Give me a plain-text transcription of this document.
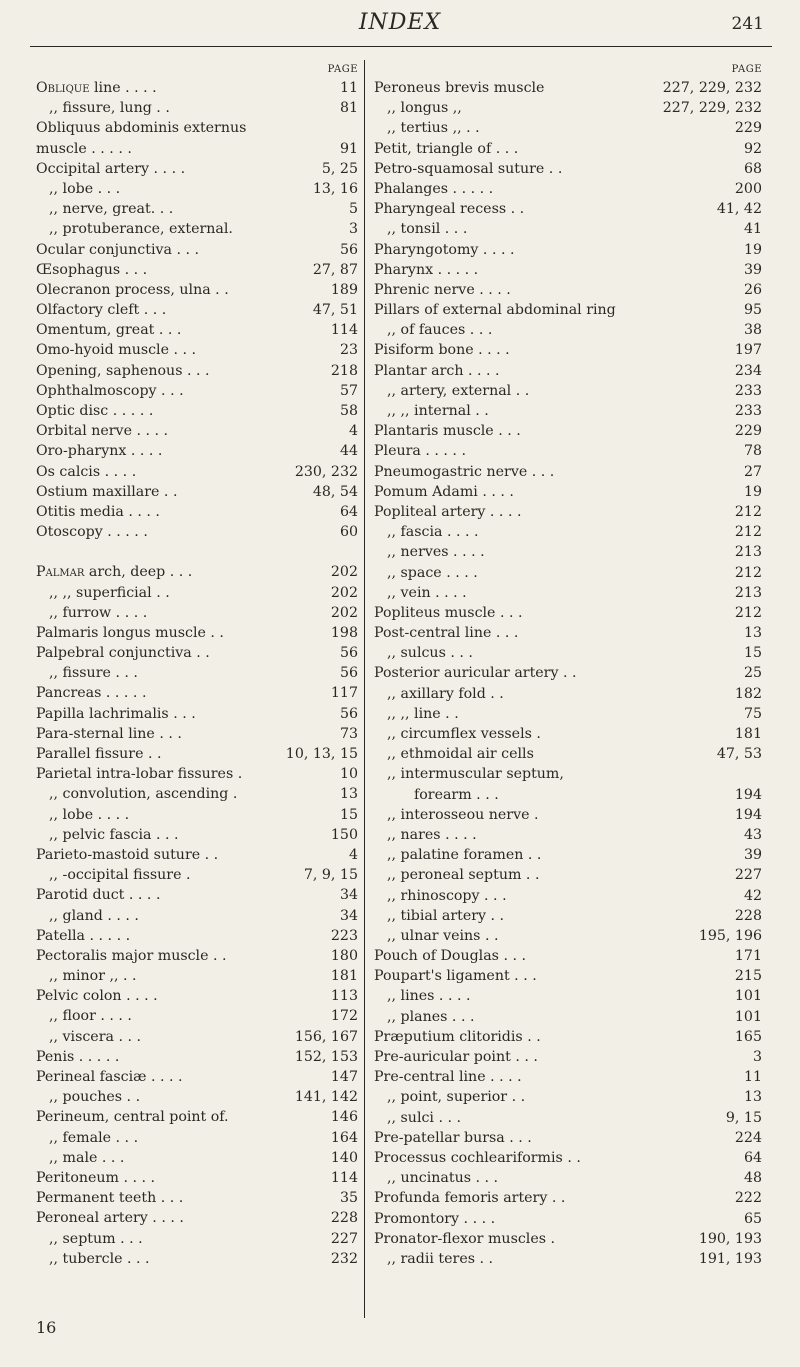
INDEX	241
PAGE
Oblique line . . . .	11
,, fissure, lung . .	81
Obliquus abdominis externus
muscle . . . . .	91
Occipital artery . . . .	5, 25
,, lobe . . .	13, 16
,, nerve, great. . .	5
,, protuberance, external.	3
Ocular conjunctiva . . .	56
Œsophagus . . .	27, 87
Olecranon process, ulna . .	189
Olfactory cleft . . .	47, 51
Omentum, great . . .	114
Omo-hyoid muscle . . .	23
Opening, saphenous . . .	218
Ophthalmoscopy . . .	57
Optic disc . . . . .	58
Orbital nerve . . . .	4
Oro-pharynx . . . .	44
Os calcis . . . .	230, 232
Ostium maxillare . .	48, 54
Otitis media . . . .	64
Otoscopy . . . . .	60
Palmar arch, deep . . .	202
,, ,, superficial . .	202
,, furrow . . . .	202
Palmaris longus muscle . .	198
Palpebral conjunctiva . .	56
,, fissure . . .	56
Pancreas . . . . .	117
Papilla lachrimalis . . .	56
Para-sternal line . . .	73
Parallel fissure . .	10, 13, 15
Parietal intra-lobar fissures .	10
,, convolution, ascending .	13
,, lobe . . . .	15
,, pelvic fascia . . .	150
Parieto-mastoid suture . .	4
,, -occipital fissure .	7, 9, 15
Parotid duct . . . .	34
,, gland . . . .	34
Patella . . . . .	223
Pectoralis major muscle . .	180
,, minor ,, . .	181
Pelvic colon . . . .	113
,, floor . . . .	172
,, viscera . . .	156, 167
Penis . . . . .	152, 153
Perineal fasciæ . . . .	147
,, pouches . .	141, 142
Perineum, central point of.	146
,, female . . .	164
,, male . . .	140
Peritoneum . . . .	114
Permanent teeth . . .	35
Peroneal artery . . . .	228
,, septum . . .	227
,, tubercle . . .	232
PAGE
Peroneus brevis muscle	227, 229, 232
,, longus ,,	227, 229, 232
,, tertius ,, . .	229
Petit, triangle of . . .	92
Petro-squamosal suture . .	68
Phalanges . . . . .	200
Pharyngeal recess . .	41, 42
,, tonsil . . .	41
Pharyngotomy . . . .	19
Pharynx . . . . .	39
Phrenic nerve . . . .	26
Pillars of external abdominal ring	95
,, of fauces . . .	38
Pisiform bone . . . .	197
Plantar arch . . . .	234
,, artery, external . .	233
,, ,, internal . .	233
Plantaris muscle . . .	229
Pleura . . . . .	78
Pneumogastric nerve . . .	27
Pomum Adami . . . .	19
Popliteal artery . . . .	212
,, fascia . . . .	212
,, nerves . . . .	213
,, space . . . .	212
,, vein . . . .	213
Popliteus muscle . . .	212
Post-central line . . .	13
,, sulcus . . .	15
Posterior auricular artery . .	25
,, axillary fold . .	182
,, ,, line . .	75
,, circumflex vessels .	181
,, ethmoidal air cells	47, 53
,, intermuscular septum,
forearm . . .	194
,, interosseou nerve .	194
,, nares . . . .	43
,, palatine foramen . .	39
,, peroneal septum . .	227
,, rhinoscopy . . .	42
,, tibial artery . .	228
,, ulnar veins . .	195, 196
Pouch of Douglas . . .	171
Poupart's ligament . . .	215
,, lines . . . .	101
,, planes . . .	101
Præputium clitoridis . .	165
Pre-auricular point . . .	3
Pre-central line . . . .	11
,, point, superior . .	13
,, sulci . . .	9, 15
Pre-patellar bursa . . .	224
Processus cochleariformis . .	64
,, uncinatus . . .	48
Profunda femoris artery . .	222
Promontory . . . .	65
Pronator-flexor muscles .	190, 193
,, radii teres . .	191, 193
16
